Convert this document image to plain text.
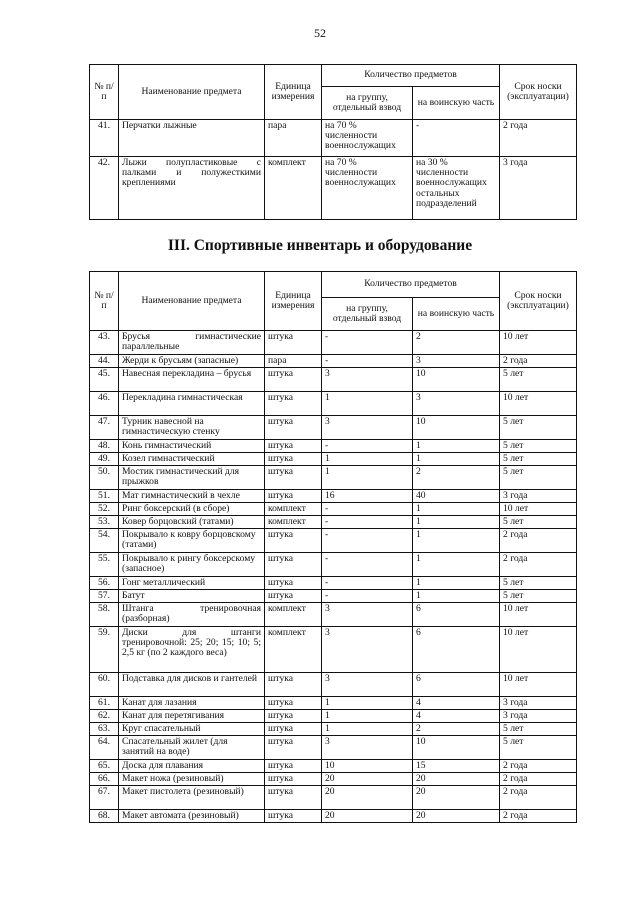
52
№ п/п	Наименование предмета	Единица измерения	Количество предметов		Срок носки (эксплуатации)
			на группу, отдельный взвод	на воинскую часть	
41.	Перчатки лыжные	пара	на 70 % численности военнослужащих	-	2 года
42.	Лыжи полупластиковые с палками и полужесткими креплениями	комплект	на 70 % численности военнослужащих	на 30 % численности военнослужащих остальных подразделений	3 года
III. Спортивные инвентарь и оборудование
№ п/п	Наименование предмета	Единица измерения	Количество предметов		Срок носки (эксплуатации)
			на группу, отдельный взвод	на воинскую часть	
43.	Брусья гимнастические параллельные	штука	-	2	10 лет
44.	Жерди к брусьям (запасные)	пара	-	3	2 года
45.	Навесная перекладина – брусья	штука	3	10	5 лет
46.	Перекладина гимнастическая	штука	1	3	10 лет
47.	Турник навесной на гимнастическую стенку	штука	3	10	5 лет
48.	Конь гимнастический	штука	-	1	5 лет
49.	Козел гимнастический	штука	1	1	5 лет
50.	Мостик гимнастический для прыжков	штука	1	2	5 лет
51.	Мат гимнастический в чехле	штука	16	40	3 года
52.	Ринг боксерский (в сборе)	комплект	-	1	10 лет
53.	Ковер борцовский (татами)	комплект	-	1	5 лет
54.	Покрывало к ковру борцовскому (татами)	штука	-	1	2 года
55.	Покрывало к рингу боксерскому (запасное)	штука	-	1	2 года
56.	Гонг металлический	штука	-	1	5 лет
57.	Батут	штука	-	1	5 лет
58.	Штанга тренировочная (разборная)	комплект	3	6	10 лет
59.	Диски для штанги тренировочной: 25; 20; 15; 10; 5; 2,5 кг (по 2 каждого веса)	комплект	3	6	10 лет
60.	Подставка для дисков и гантелей	штука	3	6	10 лет
61.	Канат для лазания	штука	1	4	3 года
62.	Канат для перетягивания	штука	1	4	3 года
63.	Круг спасательный	штука	1	2	5 лет
64.	Спасательный жилет (для занятий на воде)	штука	3	10	5 лет
65.	Доска для плавания	штука	10	15	2 года
66.	Макет ножа (резиновый)	штука	20	20	2 года
67.	Макет пистолета (резиновый)	штука	20	20	2 года
68.	Макет автомата (резиновый)	штука	20	20	2 года
